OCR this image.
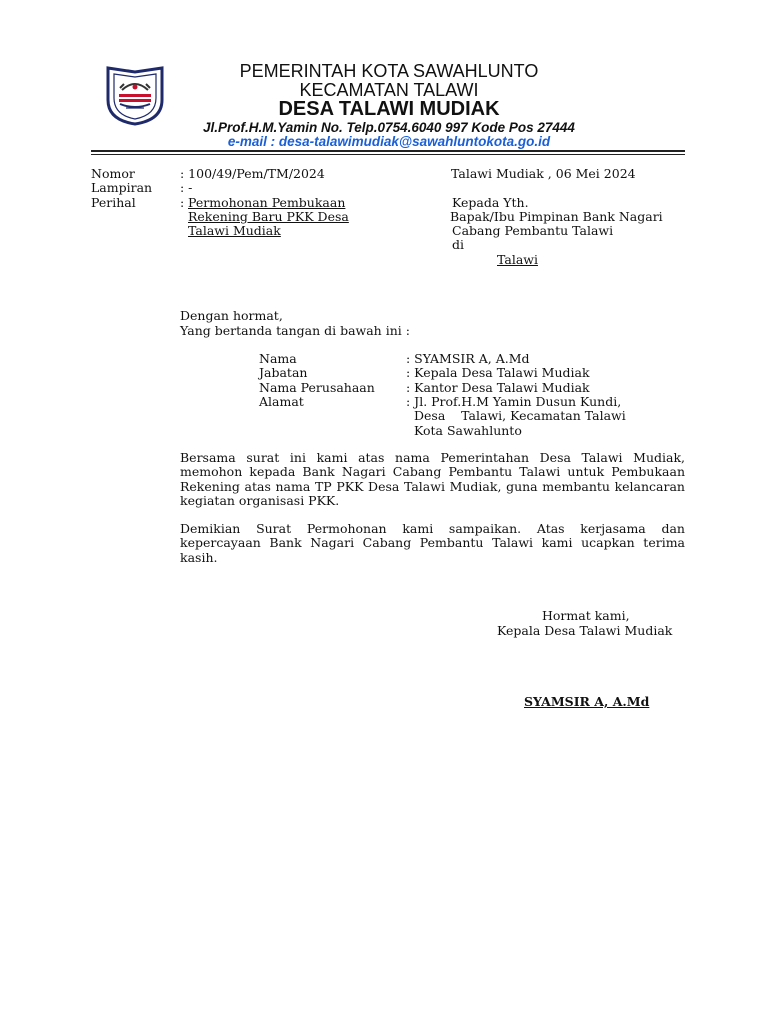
PEMERINTAH KOTA SAWAHLUNTO
KECAMATAN TALAWI
DESA TALAWI MUDIAK
Jl.Prof.H.M.Yamin No. Telp.0754.6040 997 Kode Pos 27444
e-mail : desa-talawimudiak@sawahluntokota.go.id
Nomor	: 100/49/Pem/TM/2024
Lampiran : -
Perihal	: Permohonan Pembukaan
Rekening Baru PKK Desa
Talawi Mudiak
Talawi Mudiak , 06 Mei 2024
Kepada Yth.
Bapak/Ibu Pimpinan Bank Nagari
Cabang Pembantu Talawi
di
Talawi
Dengan hormat,
Yang bertanda tangan di bawah ini :
Nama	: SYAMSIR A, A.Md
Jabatan	: Kepala Desa Talawi Mudiak
Nama Perusahaan : Kantor Desa Talawi Mudiak
Alamat	: Jl. Prof.H.M Yamin Dusun Kundi,
Desa    Talawi, Kecamatan Talawi
Kota Sawahlunto
Bersama surat ini kami atas nama Pemerintahan Desa Talawi Mudiak, memohon kepada Bank Nagari Cabang Pembantu Talawi untuk Pembukaan Rekening atas nama TP PKK Desa Talawi Mudiak, guna membantu kelancaran kegiatan organisasi PKK.
Demikian Surat Permohonan kami sampaikan. Atas kerjasama dan kepercayaan Bank Nagari Cabang Pembantu Talawi kami ucapkan terima kasih.
Hormat kami,
Kepala Desa Talawi Mudiak
SYAMSIR A, A.Md
